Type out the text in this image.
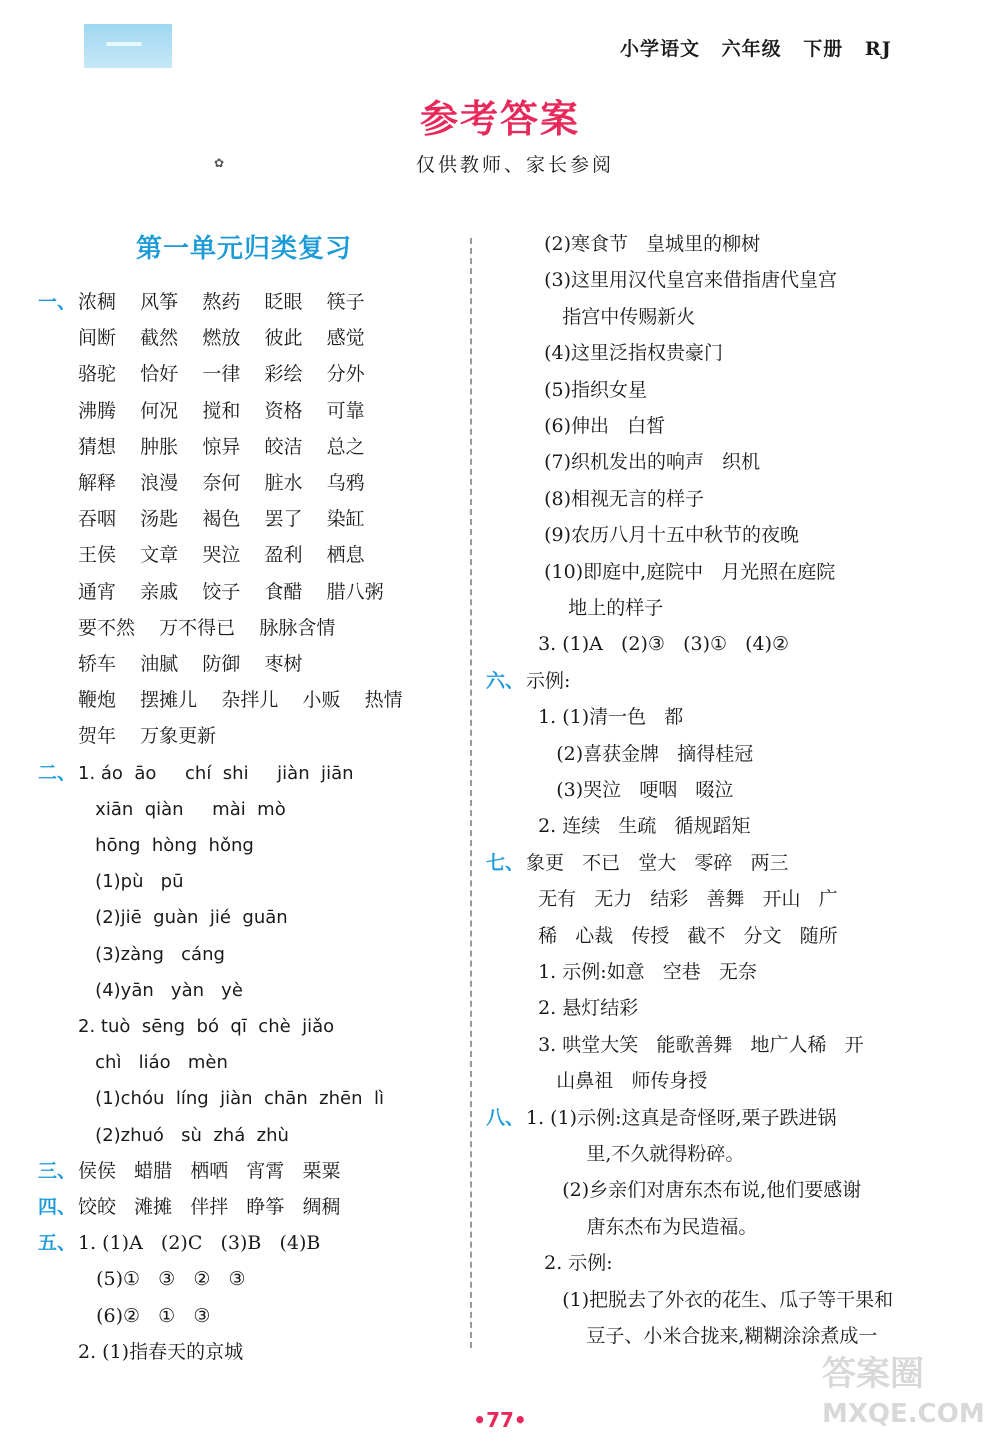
小学语文 六年级 下册 RJ
参考答案
✿	仅供教师、家长参阅
第一单元归类复习
一、 浓稠    风筝    熬药    眨眼    筷子
间断    截然    燃放    彼此    感觉
骆驼    恰好    一律    彩绘    分外
沸腾    何况    搅和    资格    可靠
猜想    肿胀    惊异    皎洁    总之
解释    浪漫    奈何    脏水    乌鸦
吞咽    汤匙    褐色    罢了    染缸
王侯    文章    哭泣    盈利    栖息
通宵    亲戚    饺子    食醋    腊八粥
要不然    万不得已    脉脉含情
轿车    油腻    防御    枣树
鞭炮    摆摊儿    杂拌儿    小贩    热情
贺年    万象更新
二、 1. áo  āo     chí  shi     jiàn  jiān
xiān  qiàn     mài  mò
hōng  hòng  hǒng
(1)pù   pū
(2)jiē  guàn  jié  guān
(3)zàng   cáng
(4)yān   yàn   yè
2. tuò  sēng  bó  qī  chè  jiǎo
chì   liáo   mèn
(1)chóu  líng  jiàn  chān  zhēn  lì
(2)zhuó   sù  zhá  zhù
三、 侯侯   蜡腊   栖哂   宵霄   栗粟
四、 饺皎   滩摊   伴拌   睁筝   绸稠
五、 1. (1)A   (2)C   (3)B   (4)B
(5)①   ③   ②   ③
(6)②   ①   ③
2. (1)指春天的京城
(2)寒食节   皇城里的柳树
(3)这里用汉代皇宫来借指唐代皇宫
指宫中传赐新火
(4)这里泛指权贵豪门
(5)指织女星
(6)伸出   白皙
(7)织机发出的响声   织机
(8)相视无言的样子
(9)农历八月十五中秋节的夜晚
(10)即庭中,庭院中   月光照在庭院
地上的样子
3. (1)A   (2)③   (3)①   (4)②
六、 示例:
1. (1)清一色   都
(2)喜获金牌   摘得桂冠
(3)哭泣   哽咽   啜泣
2. 连续   生疏   循规蹈矩
七、 象更   不已   堂大   零碎   两三
无有   无力   结彩   善舞   开山   广
稀   心裁   传授   截不   分文   随所
1. 示例:如意   空巷   无奈
2. 悬灯结彩
3. 哄堂大笑   能歌善舞   地广人稀   开
山鼻祖   师传身授
八、 1. (1)示例:这真是奇怪呀,栗子跌进锅
里,不久就得粉碎。
(2)乡亲们对唐东杰布说,他们要感谢
唐东杰布为民造福。
2. 示例:
(1)把脱去了外衣的花生、瓜子等干果和
豆子、小米合拢来,糊糊涂涂煮成一
•77•
答案圈
MXQE.COM
